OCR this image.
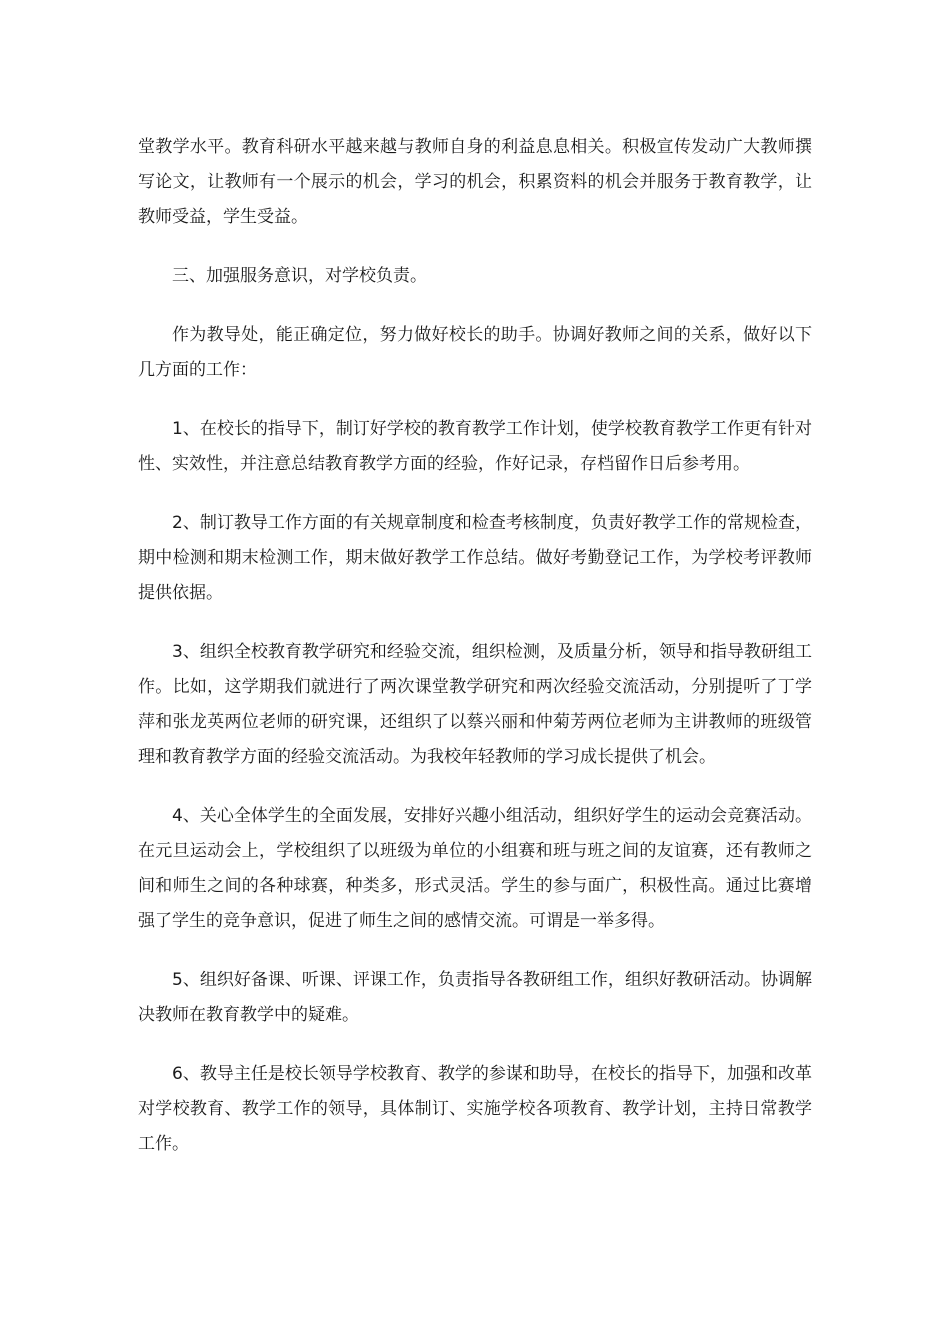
堂教学水平。教育科研水平越来越与教师自身的利益息息相关。积极宣传发动广大教师撰写论文，让教师有一个展示的机会，学习的机会，积累资料的机会并服务于教育教学，让教师受益，学生受益。

三、加强服务意识，对学校负责。

作为教导处，能正确定位，努力做好校长的助手。协调好教师之间的关系，做好以下几方面的工作：

1、在校长的指导下，制订好学校的教育教学工作计划，使学校教育教学工作更有针对性、实效性，并注意总结教育教学方面的经验，作好记录，存档留作日后参考用。

2、制订教导工作方面的有关规章制度和检查考核制度，负责好教学工作的常规检查，期中检测和期末检测工作，期末做好教学工作总结。做好考勤登记工作，为学校考评教师提供依据。

3、组织全校教育教学研究和经验交流，组织检测，及质量分析，领导和指导教研组工作。比如，这学期我们就进行了两次课堂教学研究和两次经验交流活动，分别提听了丁学萍和张龙英两位老师的研究课，还组织了以蔡兴丽和仲菊芳两位老师为主讲教师的班级管理和教育教学方面的经验交流活动。为我校年轻教师的学习成长提供了机会。

4、关心全体学生的全面发展，安排好兴趣小组活动，组织好学生的运动会竞赛活动。在元旦运动会上，学校组织了以班级为单位的小组赛和班与班之间的友谊赛，还有教师之间和师生之间的各种球赛，种类多，形式灵活。学生的参与面广，积极性高。通过比赛增强了学生的竞争意识，促进了师生之间的感情交流。可谓是一举多得。

5、组织好备课、听课、评课工作，负责指导各教研组工作，组织好教研活动。协调解决教师在教育教学中的疑难。

6、教导主任是校长领导学校教育、教学的参谋和助导，在校长的指导下，加强和改革对学校教育、教学工作的领导，具体制订、实施学校各项教育、教学计划，主持日常教学工作。
